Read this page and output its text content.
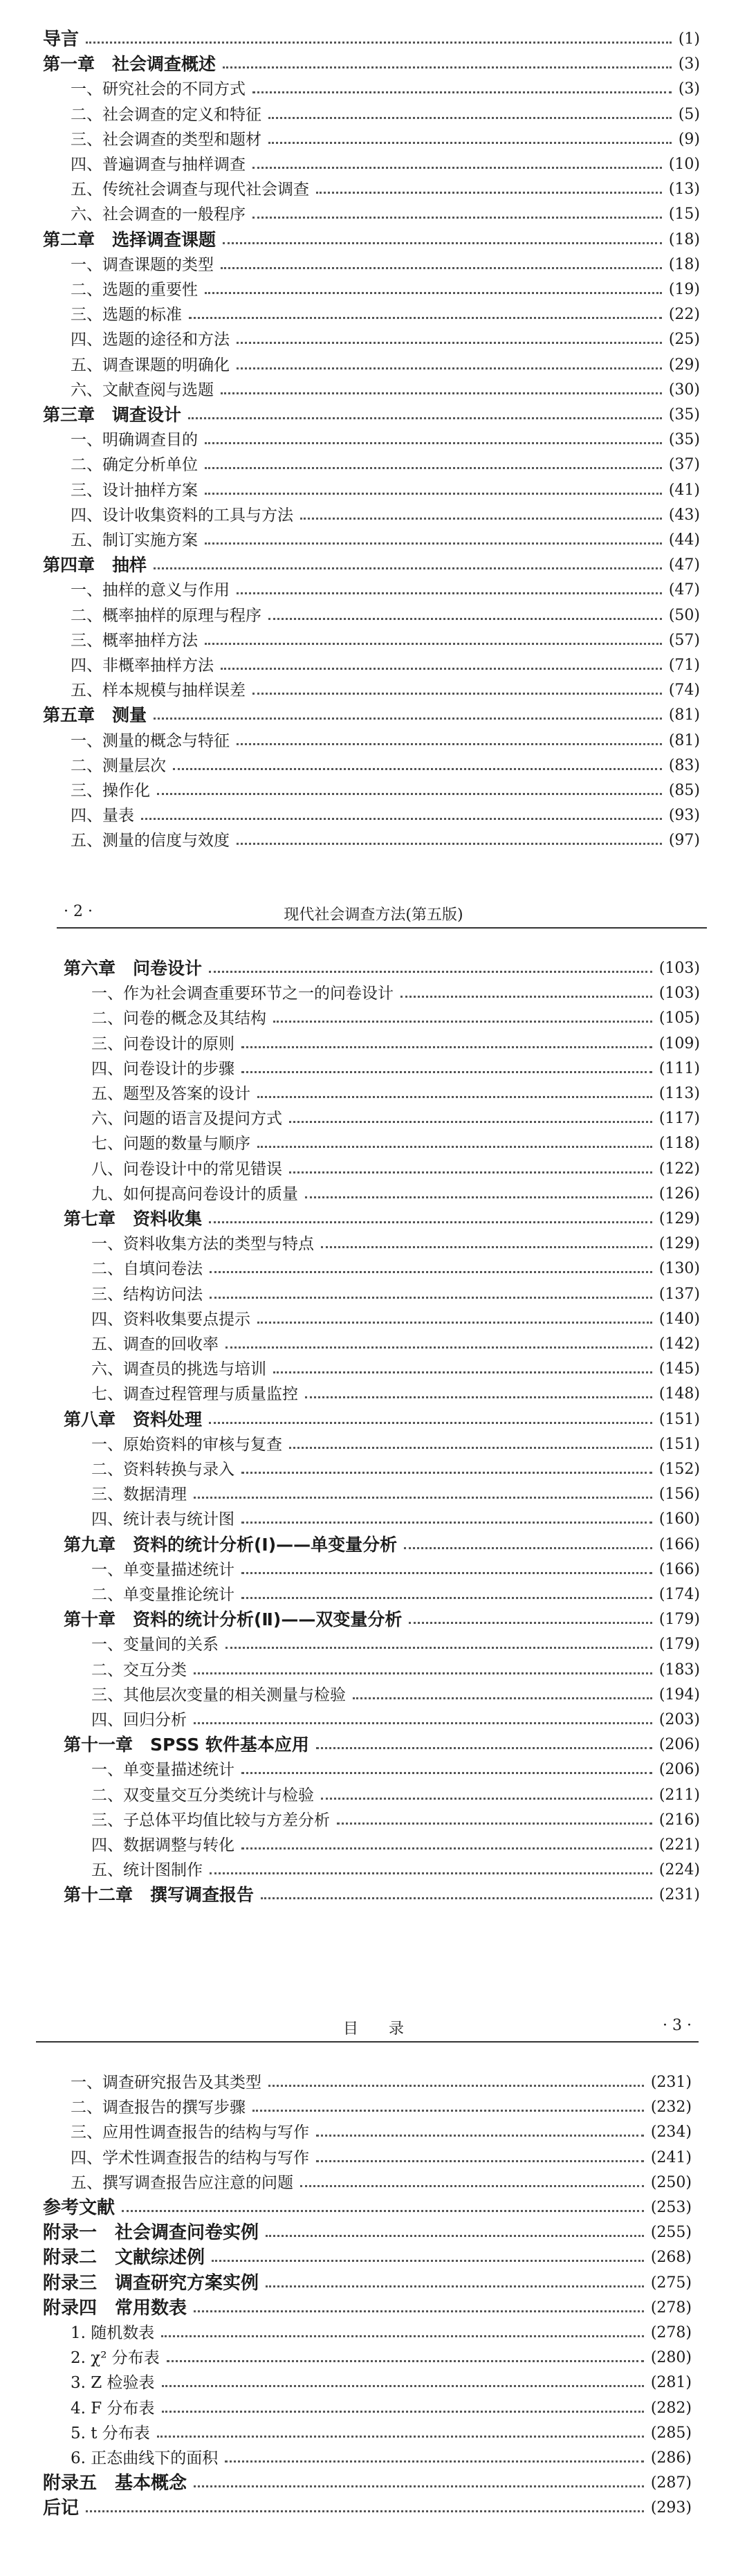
导言	(1)
第一章　社会调查概述	(3)
一、研究社会的不同方式	(3)
二、社会调查的定义和特征	(5)
三、社会调查的类型和题材	(9)
四、普遍调查与抽样调查	(10)
五、传统社会调查与现代社会调查	(13)
六、社会调查的一般程序	(15)
第二章　选择调查课题	(18)
一、调查课题的类型	(18)
二、选题的重要性	(19)
三、选题的标准	(22)
四、选题的途径和方法	(25)
五、调查课题的明确化	(29)
六、文献查阅与选题	(30)
第三章　调查设计	(35)
一、明确调查目的	(35)
二、确定分析单位	(37)
三、设计抽样方案	(41)
四、设计收集资料的工具与方法	(43)
五、制订实施方案	(44)
第四章　抽样	(47)
一、抽样的意义与作用	(47)
二、概率抽样的原理与程序	(50)
三、概率抽样方法	(57)
四、非概率抽样方法	(71)
五、样本规模与抽样误差	(74)
第五章　测量	(81)
一、测量的概念与特征	(81)
二、测量层次	(83)
三、操作化	(85)
四、量表	(93)
五、测量的信度与效度	(97)
· 2 ·	现代社会调查方法(第五版)
第六章　问卷设计	(103)
一、作为社会调查重要环节之一的问卷设计	(103)
二、问卷的概念及其结构	(105)
三、问卷设计的原则	(109)
四、问卷设计的步骤	(111)
五、题型及答案的设计	(113)
六、问题的语言及提问方式	(117)
七、问题的数量与顺序	(118)
八、问卷设计中的常见错误	(122)
九、如何提高问卷设计的质量	(126)
第七章　资料收集	(129)
一、资料收集方法的类型与特点	(129)
二、自填问卷法	(130)
三、结构访问法	(137)
四、资料收集要点提示	(140)
五、调查的回收率	(142)
六、调查员的挑选与培训	(145)
七、调查过程管理与质量监控	(148)
第八章　资料处理	(151)
一、原始资料的审核与复查	(151)
二、资料转换与录入	(152)
三、数据清理	(156)
四、统计表与统计图	(160)
第九章　资料的统计分析(Ⅰ)——单变量分析	(166)
一、单变量描述统计	(166)
二、单变量推论统计	(174)
第十章　资料的统计分析(Ⅱ)——双变量分析	(179)
一、变量间的关系	(179)
二、交互分类	(183)
三、其他层次变量的相关测量与检验	(194)
四、回归分析	(203)
第十一章　SPSS 软件基本应用	(206)
一、单变量描述统计	(206)
二、双变量交互分类统计与检验	(211)
三、子总体平均值比较与方差分析	(216)
四、数据调整与转化	(221)
五、统计图制作	(224)
第十二章　撰写调查报告	(231)
目　　录	· 3 ·
一、调查研究报告及其类型	(231)
二、调查报告的撰写步骤	(232)
三、应用性调查报告的结构与写作	(234)
四、学术性调查报告的结构与写作	(241)
五、撰写调查报告应注意的问题	(250)
参考文献	(253)
附录一　社会调查问卷实例	(255)
附录二　文献综述例	(268)
附录三　调查研究方案实例	(275)
附录四　常用数表	(278)
1. 随机数表	(278)
2. χ² 分布表	(280)
3. Z 检验表	(281)
4. F 分布表	(282)
5. t 分布表	(285)
6. 正态曲线下的面积	(286)
附录五　基本概念	(287)
后记	(293)
